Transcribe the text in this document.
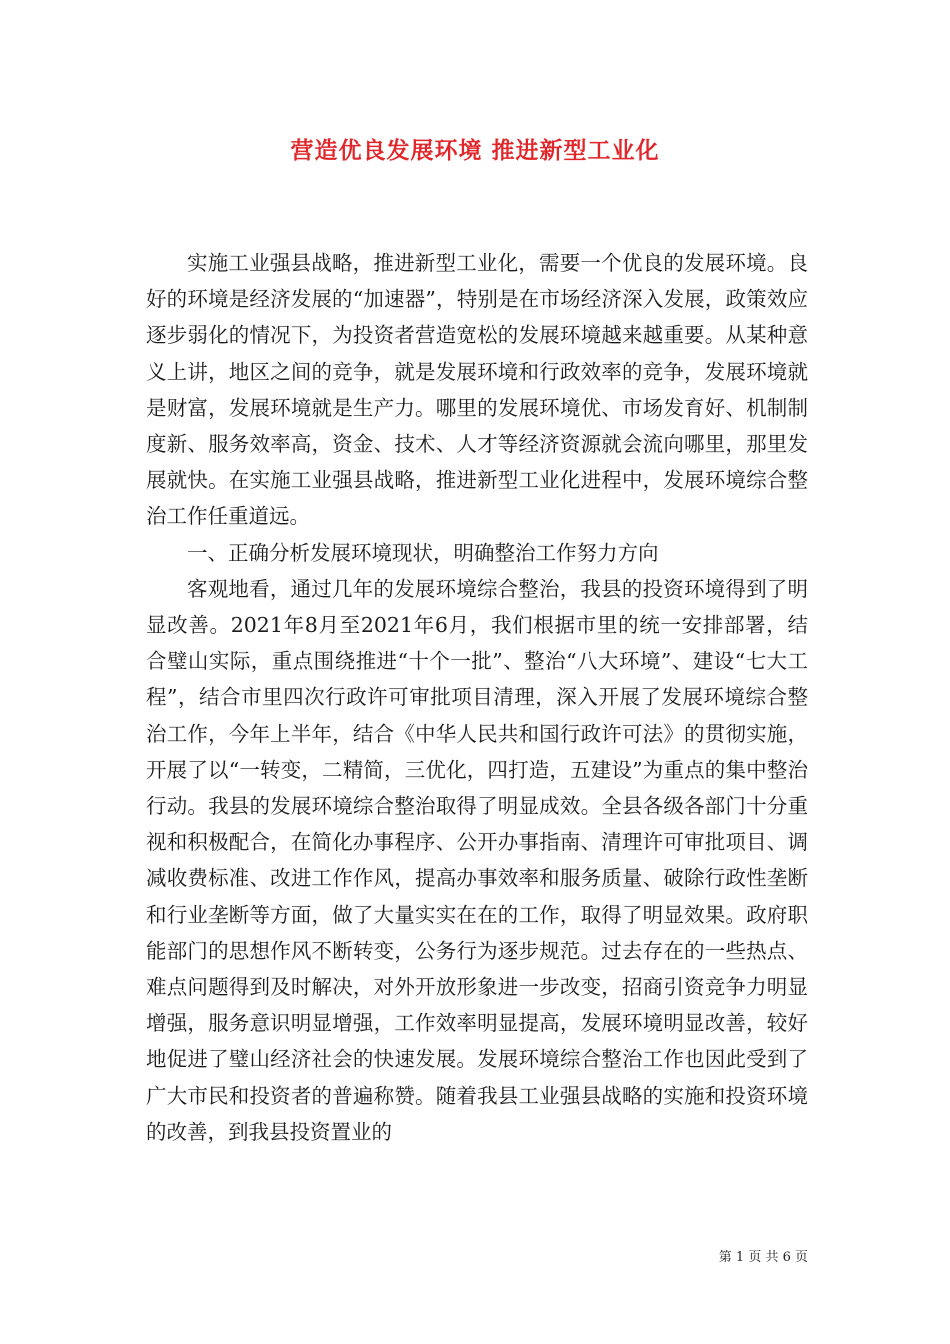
营造优良发展环境 推进新型工业化

实施工业强县战略，推进新型工业化，需要一个优良的发展环境。良好的环境是经济发展的“加速器”，特别是在市场经济深入发展，政策效应逐步弱化的情况下，为投资者营造宽松的发展环境越来越重要。从某种意义上讲，地区之间的竞争，就是发展环境和行政效率的竞争，发展环境就是财富，发展环境就是生产力。哪里的发展环境优、市场发育好、机制制度新、服务效率高，资金、技术、人才等经济资源就会流向哪里，那里发展就快。在实施工业强县战略，推进新型工业化进程中，发展环境综合整治工作任重道远。

一、正确分析发展环境现状，明确整治工作努力方向

客观地看，通过几年的发展环境综合整治，我县的投资环境得到了明显改善。2021年8月至2021年6月，我们根据市里的统一安排部署，结合璧山实际，重点围绕推进“十个一批”、整治“八大环境”、建设“七大工程”，结合市里四次行政许可审批项目清理，深入开展了发展环境综合整治工作，今年上半年，结合《中华人民共和国行政许可法》的贯彻实施，开展了以“一转变，二精简，三优化，四打造，五建设”为重点的集中整治行动。我县的发展环境综合整治取得了明显成效。全县各级各部门十分重视和积极配合，在简化办事程序、公开办事指南、清理许可审批项目、调减收费标准、改进工作作风，提高办事效率和服务质量、破除行政性垄断和行业垄断等方面，做了大量实实在在的工作，取得了明显效果。政府职能部门的思想作风不断转变，公务行为逐步规范。过去存在的一些热点、难点问题得到及时解决，对外开放形象进一步改变，招商引资竞争力明显增强，服务意识明显增强，工作效率明显提高，发展环境明显改善，较好地促进了璧山经济社会的快速发展。发展环境综合整治工作也因此受到了广大市民和投资者的普遍称赞。随着我县工业强县战略的实施和投资环境的改善，到我县投资置业的

第 1 页 共 6 页
